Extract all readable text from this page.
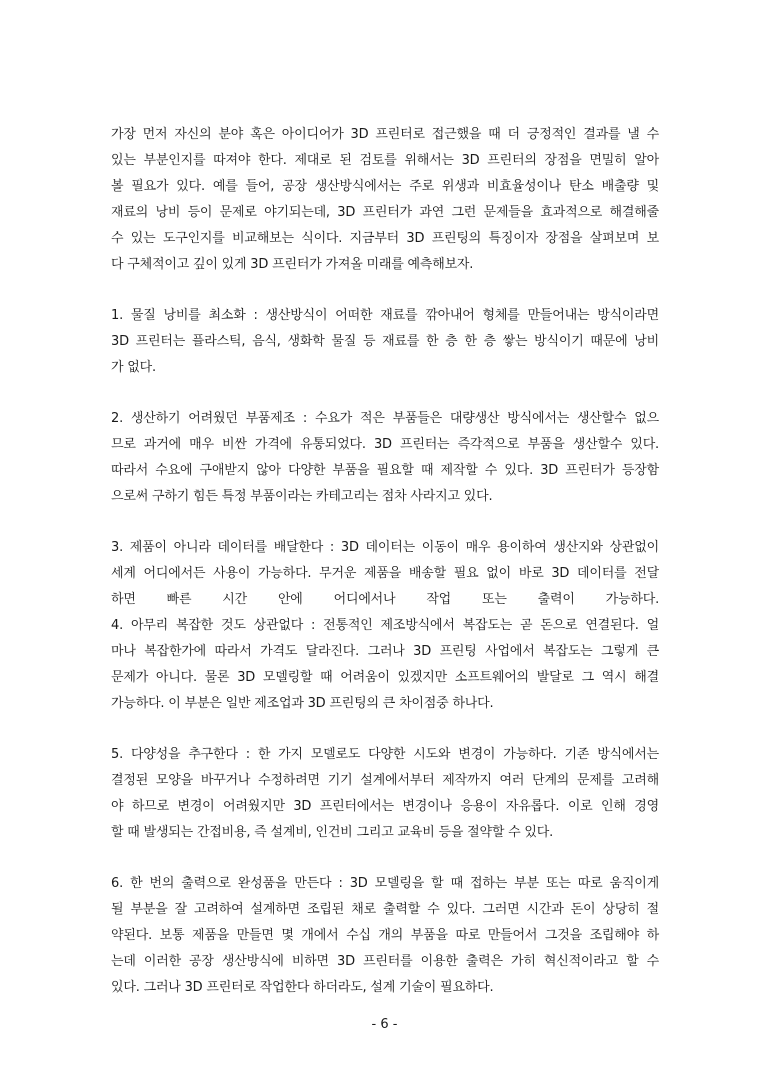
가장 먼저 자신의 분야 혹은 아이디어가 3D 프린터로 접근했을 때 더 긍정적인 결과를 낼 수
있는 부분인지를 따져야 한다. 제대로 된 검토를 위해서는 3D 프린터의 장점을 면밀히 알아
볼 필요가 있다. 예를 들어, 공장 생산방식에서는 주로 위생과 비효율성이나 탄소 배출량 및
재료의 낭비 등이 문제로 야기되는데, 3D 프린터가 과연 그런 문제들을 효과적으로 해결해줄
수 있는 도구인지를 비교해보는 식이다. 지금부터 3D 프린팅의 특징이자 장점을 살펴보며 보
다 구체적이고 깊이 있게 3D 프린터가 가져올 미래를 예측해보자.
1. 물질 낭비를 최소화 : 생산방식이 어떠한 재료를 깎아내어 형체를 만들어내는 방식이라면
3D 프린터는 플라스틱, 음식, 생화학 물질 등 재료를 한 층 한 층 쌓는 방식이기 때문에 낭비
가 없다.
2. 생산하기 어려웠던 부품제조 : 수요가 적은 부품들은 대량생산 방식에서는 생산할수 없으
므로 과거에 매우 비싼 가격에 유통되었다. 3D 프린터는 즉각적으로 부품을 생산할수 있다.
따라서 수요에 구애받지 않아 다양한 부품을 필요할 때 제작할 수 있다. 3D 프린터가 등장함
으로써 구하기 힘든 특정 부품이라는 카테고리는 점차 사라지고 있다.
3. 제품이 아니라 데이터를 배달한다 : 3D 데이터는 이동이 매우 용이하여 생산지와 상관없이
세계 어디에서든 사용이 가능하다. 무거운 제품을 배송할 필요 없이 바로 3D 데이터를 전달
하면 빠른 시간 안에 어디에서나 작업 또는 출력이 가능하다.
4. 아무리 복잡한 것도 상관없다 : 전통적인 제조방식에서 복잡도는 곧 돈으로 연결된다. 얼
마나 복잡한가에 따라서 가격도 달라진다. 그러나 3D 프린팅 사업에서 복잡도는 그렇게 큰
문제가 아니다. 물론 3D 모델링할 때 어려움이 있겠지만 소프트웨어의 발달로 그 역시 해결
가능하다. 이 부분은 일반 제조업과 3D 프린팅의 큰 차이점중 하나다.
5. 다양성을 추구한다 : 한 가지 모델로도 다양한 시도와 변경이 가능하다. 기존 방식에서는
결정된 모양을 바꾸거나 수정하려면 기기 설계에서부터 제작까지 여러 단계의 문제를 고려해
야 하므로 변경이 어려웠지만 3D 프린터에서는 변경이나 응용이 자유롭다. 이로 인해 경영
할 때 발생되는 간접비용, 즉 설계비, 인건비 그리고 교육비 등을 절약할 수 있다.
6. 한 번의 출력으로 완성품을 만든다 : 3D 모델링을 할 때 접하는 부분 또는 따로 움직이게
될 부분을 잘 고려하여 설계하면 조립된 채로 출력할 수 있다. 그러면 시간과 돈이 상당히 절
약된다. 보통 제품을 만들면 몇 개에서 수십 개의 부품을 따로 만들어서 그것을 조립해야 하
는데 이러한 공장 생산방식에 비하면 3D 프린터를 이용한 출력은 가히 혁신적이라고 할 수
있다. 그러나 3D 프린터로 작업한다 하더라도, 설계 기술이 필요하다.
- 6 -
